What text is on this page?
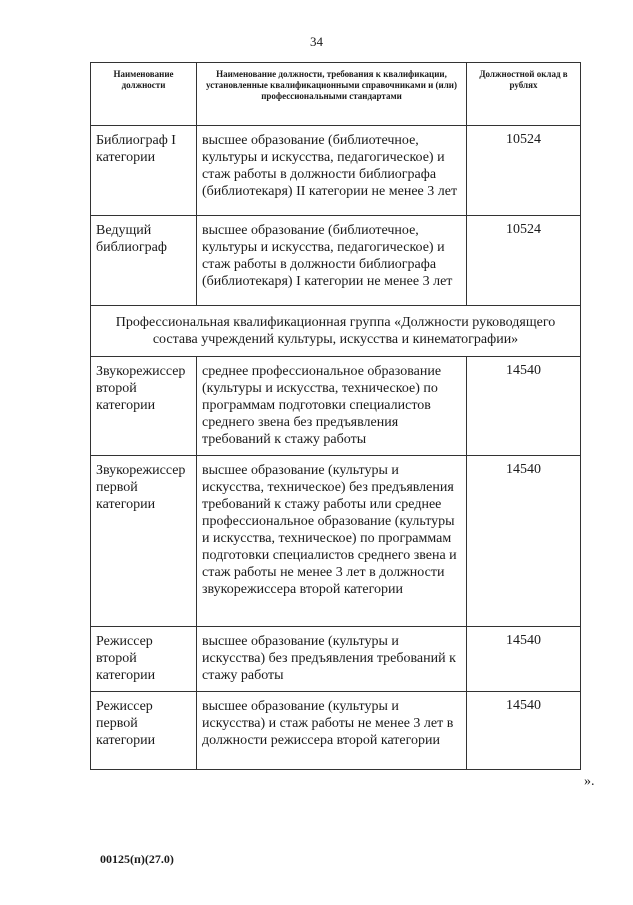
34
Наименование должности	Наименование должности, требования к квалификации, установленные квалификационными справочниками и (или) профессиональными стандартами	Должностной оклад в рублях
Библиограф I категории	высшее образование (библиотечное, культуры и искусства, педагогическое) и стаж работы в должности библиографа (библиотекаря) II категории не менее 3 лет	10524
Ведущий библиограф	высшее образование (библиотечное, культуры и искусства, педагогическое) и стаж работы в должности библиографа (библиотекаря) I категории не менее 3 лет	10524
Профессиональная квалификационная группа «Должности руководящего состава учреждений культуры, искусства и кинематографии»		
Звукорежиссер второй категории	среднее профессиональное образование (культуры и искусства, техническое) по программам подготовки специалистов среднего звена без предъявления требований к стажу работы	14540
Звукорежиссер первой категории	высшее образование (культуры и искусства, техническое) без предъявления требований к стажу работы или среднее профессиональное образование (культуры и искусства, техническое) по программам подготовки специалистов среднего звена и стаж работы не менее 3 лет в должности звукорежиссера второй категории	14540
Режиссер второй категории	высшее образование (культуры и искусства) без предъявления требований к стажу работы	14540
Режиссер первой категории	высшее образование (культуры и искусства) и стаж работы не менее 3 лет в должности режиссера второй категории	14540
».
00125(п)(27.0)
